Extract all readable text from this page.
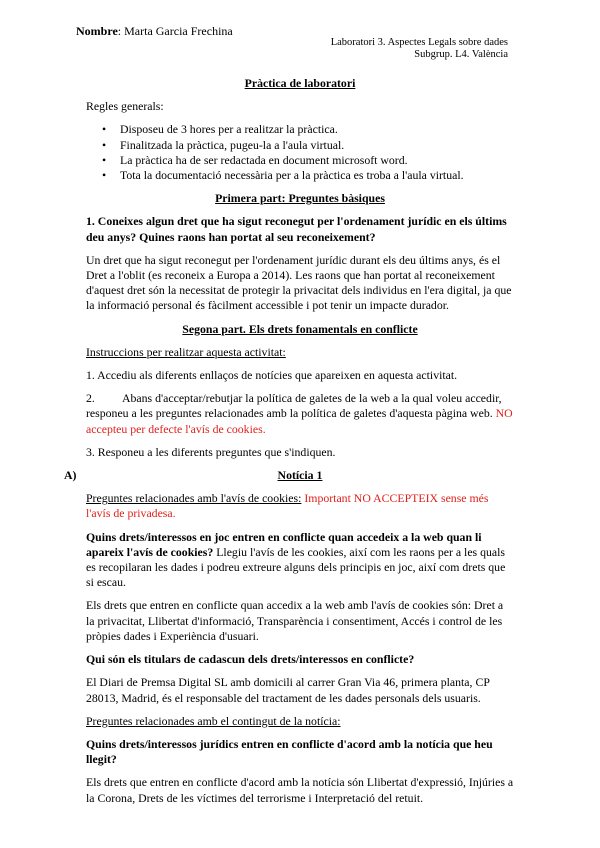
Nombre: Marta Garcia Frechina
Laboratori 3. Aspectes Legals sobre dades
Subgrup. L4. València
Pràctica de laboratori

Regles generals:

• Disposeu de 3 hores per a realitzar la pràctica.
• Finalitzada la pràctica, pugeu-la a l'aula virtual.
• La pràctica ha de ser redactada en document microsoft word.
• Tota la documentació necessària per a la pràctica es troba a l'aula virtual.
Primera part: Preguntes bàsiques

1. Coneixes algun dret que ha sigut reconegut per l'ordenament jurídic en els últims deu anys? Quines raons han portat al seu reconeixement?

Un dret que ha sigut reconegut per l'ordenament jurídic durant els deu últims anys, és el Dret a l'oblit (es reconeix a Europa a 2014). Les raons que han portat al reconeixement d'aquest dret són la necessitat de protegir la privacitat dels individus en l'era digital, ja que la informació personal és fàcilment accessible i pot tenir un impacte durador.

Segona part. Els drets fonamentals en conflicte

Instruccions per realitzar aquesta activitat:

1. Accediu als diferents enllaços de notícies que apareixen en aquesta activitat.

2. Abans d'acceptar/rebutjar la política de galetes de la web a la qual voleu accedir, responeu a les preguntes relacionades amb la política de galetes d'aquesta pàgina web. NO accepteu per defecte l'avís de cookies.

3. Responeu a les diferents preguntes que s'indiquen.

A)	Notícia 1

Preguntes relacionades amb l'avís de cookies: Important NO ACCEPTEIX sense més l'avís de privadesa.

Quins drets/interessos en joc entren en conflicte quan accedeix a la web quan li apareix l'avís de cookies? Llegiu l'avís de les cookies, així com les raons per a les quals es recopilaran les dades i podreu extreure alguns dels principis en joc, així com drets que si escau.

Els drets que entren en conflicte quan accedix a la web amb l'avís de cookies són: Dret a la privacitat, Llibertat d'informació, Transparència i consentiment, Accés i control de les pròpies dades i Experiència d'usuari.

Qui són els titulars de cadascun dels drets/interessos en conflicte?

El Diari de Premsa Digital SL amb domicili al carrer Gran Via 46, primera planta, CP 28013, Madrid, és el responsable del tractament de les dades personals dels usuaris.

Preguntes relacionades amb el contingut de la notícia:

Quins drets/interessos jurídics entren en conflicte d'acord amb la notícia que heu llegit?

Els drets que entren en conflicte d'acord amb la notícia són Llibertat d'expressió, Injúries a la Corona, Drets de les víctimes del terrorisme i Interpretació del retuit.
